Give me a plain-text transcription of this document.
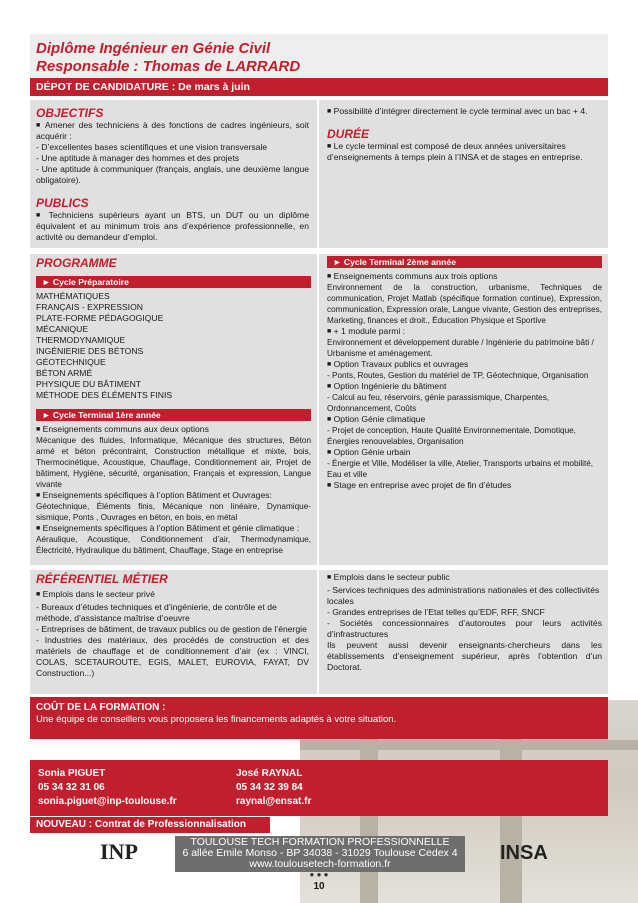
Diplôme Ingénieur en Génie Civil
Responsable : Thomas de LARRARD
DÉPOT DE CANDIDATURE : De mars à juin
OBJECTIFS
■ Amener des techniciens à des fonctions de cadres ingénieurs, soit acquérir :
- D’excellentes bases scientifiques et une vision transversale
- Une aptitude à manager des hommes et des projets
- Une aptitude à communiquer (français, anglais, une deuxième langue obligatoire).
PUBLICS
■ Techniciens supérieurs ayant un BTS, un DUT ou un diplôme équivalent et au minimum trois ans d’expérience professionnelle, en activité ou demandeur d’emploi.
■ Possibilité d’intégrer directement le cycle terminal avec un bac + 4.
DURÉE
■ Le cycle terminal est composé de deux années universitaires d’enseignements à temps plein à l’INSA et de stages en entreprise.
PROGRAMME
► Cycle Préparatoire
MATHÉMATIQUES
FRANÇAIS - EXPRESSION
PLATE-FORME PÉDAGOGIQUE
MÉCANIQUE
THERMODYNAMIQUE
INGÉNIERIE DES BÉTONS
GÉOTECHNIQUE
BÉTON ARMÉ
PHYSIQUE DU BÂTIMENT
MÉTHODE DES ÉLÉMENTS FINIS
► Cycle Terminal 1ère année
■ Enseignements communs aux deux options
Mécanique des fluides, Informatique, Mécanique des structures, Béton armé et béton précontraint, Construction métallique et mixte, bois, Thermocinétique, Acoustique, Chauffage, Conditionnement air, Projet de bâtiment, Hygiène, sécurité, organisation, Français et expression, Langue vivante
■ Enseignements spécifiques à l’option Bâtiment et Ouvrages:
Géotechnique, Éléments finis, Mécanique non linéaire, Dynamique-sismique, Ponts , Ouvrages en béton, en bois, en métal
■ Enseignements spécifiques à l’option Bâtiment et génie climatique :
Aéraulique, Acoustique, Conditionnement d’air, Thermodynamique, Électricité, Hydraulique du bâtiment, Chauffage, Stage en entreprise
► Cycle Terminal 2ème année
■ Enseignements communs aux trois options
Environnement de la construction, urbanisme, Techniques de communication, Projet Matlab (spécifique formation continue), Expression, communication, Expression orale, Langue vivante, Gestion des entreprises, Marketing, finances et droit., Éducation Physique et Sportive
■ + 1 module parmi :
Environnement et développement durable / Ingénierie du patrimoine bâti / Urbanisme et aménagement.
■ Option Travaux publics et ouvrages
- Ponts, Routes, Gestion du matériel de TP, Géotechnique, Organisation
■ Option Ingénierie du bâtiment
- Calcul au feu, réservoirs, génie parassismique, Charpentes, Ordonnancement, Coûts
■ Option Génie climatique
- Projet de conception, Haute Qualité Environnementale, Domotique, Énergies renouvelables, Organisation
■ Option Génie urbain
- Énergie et Ville, Modéliser la ville, Atelier, Transports urbains et mobilité, Eau et ville
■ Stage en entreprise avec projet de fin d’études
RÉFÉRENTIEL MÉTIER
■ Emplois dans le secteur privé
- Bureaux d’études techniques et d’ingénierie, de contrôle et de méthode, d’assistance maîtrise d’oeuvre
- Entreprises de bâtiment, de travaux publics ou de gestion de l’énergie
- Industries des matériaux, des procédés de construction et des matériels de chauffage et de conditionnement d’air (ex : VINCI, COLAS, SCETAUROUTE, EGIS, MALET, EUROVIA, FAYAT, DV Construction...)
■ Emplois dans le secteur public
- Services techniques des administrations nationales et des collectivités locales
- Grandes entreprises de l’Etat telles qu’EDF, RFF, SNCF
- Sociétés concessionnaires d’autoroutes pour leurs activités d’infrastructures
Ils peuvent aussi devenir enseignants-chercheurs dans les établissements d’enseignement supérieur, après l’obtention d’un Doctorat.
COÛT DE LA FORMATION :
Une équipe de conseillers vous proposera les financements adaptés à votre situation.
Sonia PIGUET
05 34 32 31 06
sonia.piguet@inp-toulouse.fr
José RAYNAL
05 34 32 39 84
raynal@ensat.fr
NOUVEAU : Contrat de Professionnalisation
TOULOUSE TECH FORMATION PROFESSIONNELLE
6 allée Emile Monso - BP 34038 - 31029 Toulouse Cedex 4
www.toulousetech-formation.fr
● ● ●
10
INP	INSA
